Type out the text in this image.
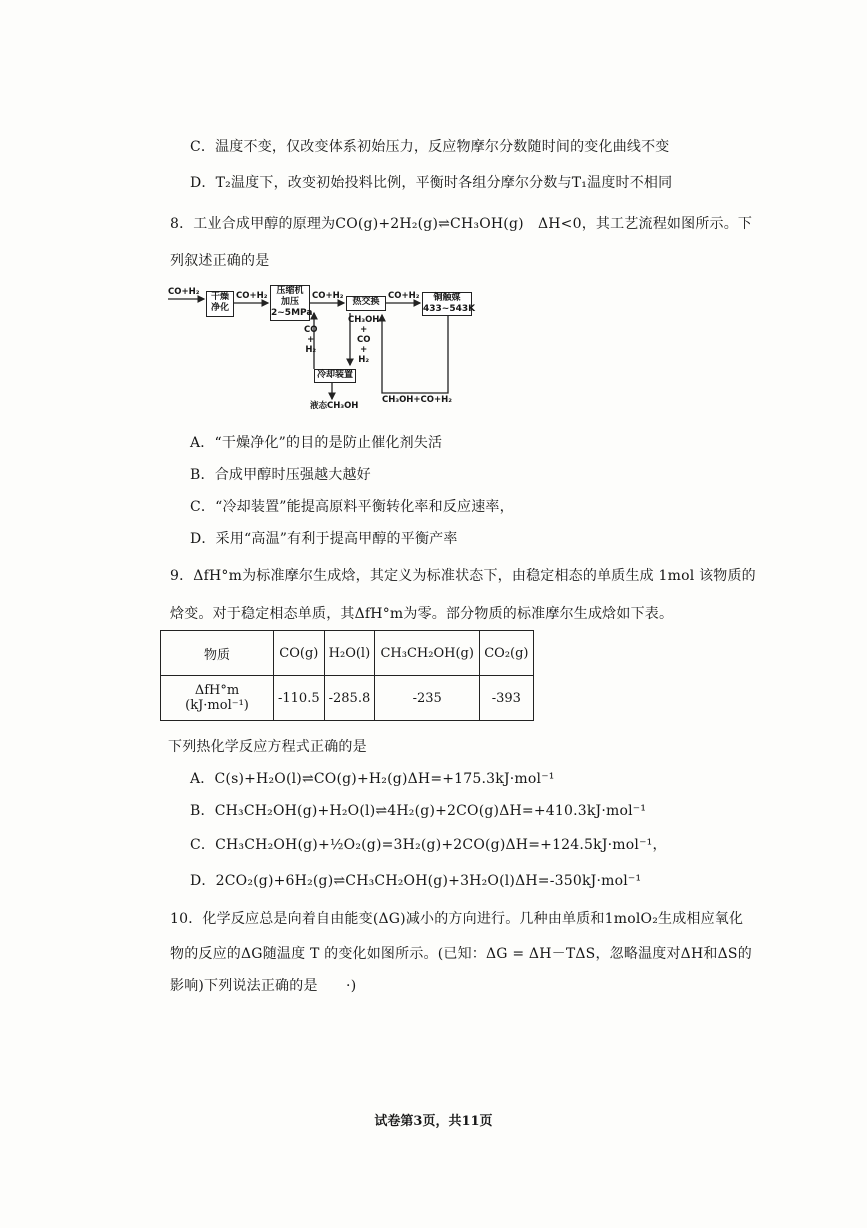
C．温度不变，仅改变体系初始压力，反应物摩尔分数随时间的变化曲线不变
D．T₂温度下，改变初始投料比例，平衡时各组分摩尔分数与T₁温度时不相同
8．工业合成甲醇的原理为CO(g)+2H₂(g)⇌CH₃OH(g)　ΔH<0，其工艺流程如图所示。下
列叙述正确的是
CO+H₂	干燥
净化
CO+H₂	压缩机
加压
2~5MPa
CO+H₂
热交换
CO+H₂	铜触媒
433~543K
CO
+
H₂
CH₃OH
+
CO
+
H₂
冷却装置
液态CH₃OH
CH₃OH+CO+H₂
A．“干燥净化”的目的是防止催化剂失活
B．合成甲醇时压强越大越好
C．“冷却装置”能提高原料平衡转化率和反应速率，
D．采用“高温”有利于提高甲醇的平衡产率
9．ΔfH°m为标准摩尔生成焓，其定义为标准状态下，由稳定相态的单质生成 1mol 该物质的
焓变。对于稳定相态单质，其ΔfH°m为零。部分物质的标准摩尔生成焓如下表。
物质	CO(g)	H₂O(l)	CH₃CH₂OH(g)	CO₂(g)
ΔfH°m (kJ·mol⁻¹)	-110.5	-285.8	-235	-393
下列热化学反应方程式正确的是
A．C(s)+H₂O(l)⇌CO(g)+H₂(g)ΔH=+175.3kJ·mol⁻¹
B．CH₃CH₂OH(g)+H₂O(l)⇌4H₂(g)+2CO(g)ΔH=+410.3kJ·mol⁻¹
C．CH₃CH₂OH(g)+½O₂(g)=3H₂(g)+2CO(g)ΔH=+124.5kJ·mol⁻¹，
D．2CO₂(g)+6H₂(g)⇌CH₃CH₂OH(g)+3H₂O(l)ΔH=-350kJ·mol⁻¹
10．化学反应总是向着自由能变(ΔG)减小的方向进行。几种由单质和1molO₂生成相应氧化
物的反应的ΔG随温度 T 的变化如图所示。(已知：ΔG = ΔH－TΔS，忽略温度对ΔH和ΔS的
影响)下列说法正确的是　　·)
试卷第3页，共11页
